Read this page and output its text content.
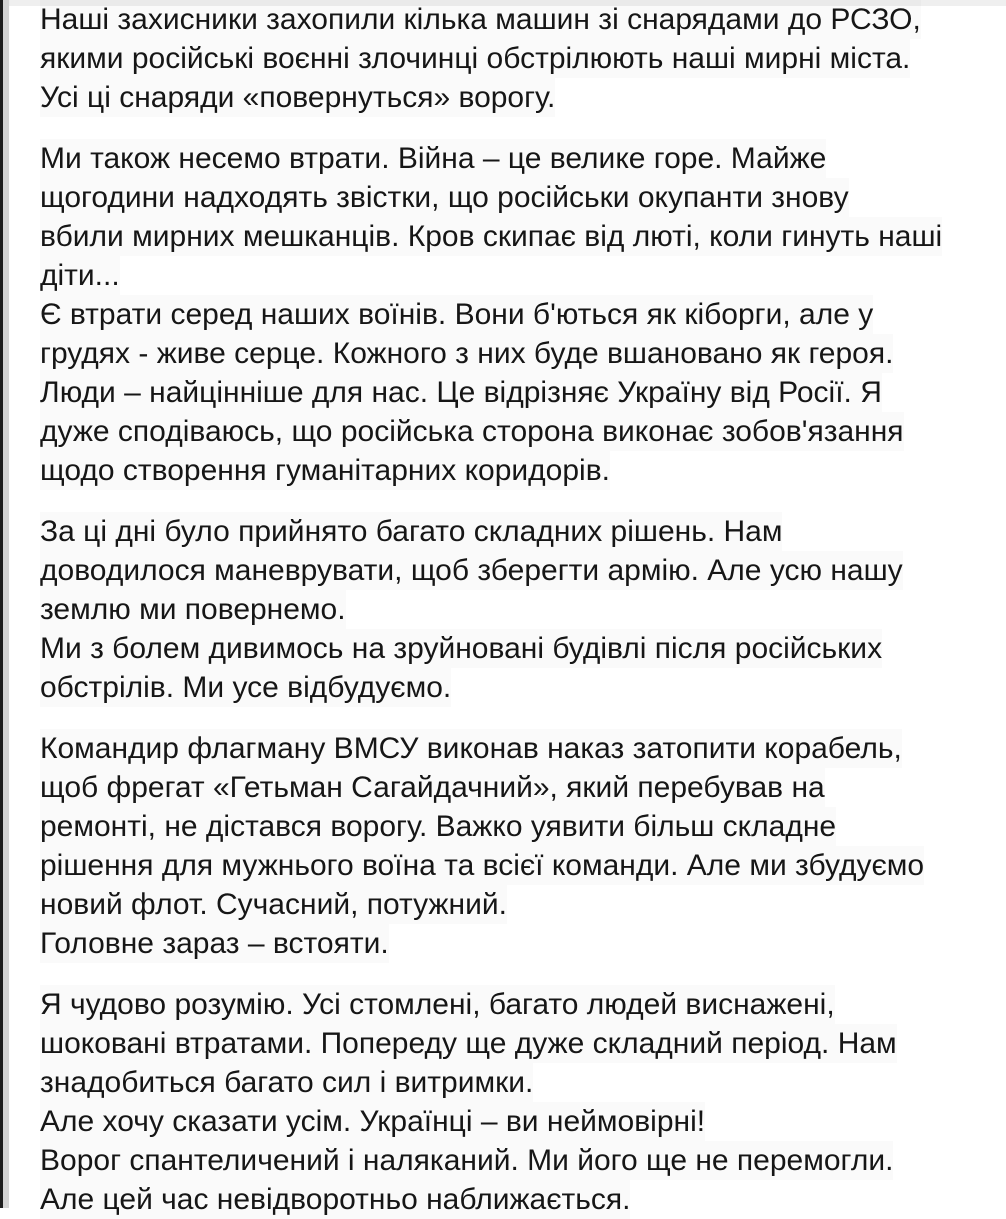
Наші захисники захопили кілька машин зі снарядами до РСЗО,
якими російські воєнні злочинці обстрілюють наші мирні міста.
Усі ці снаряди «повернуться» ворогу.
Ми також несемо втрати. Війна – це велике горе. Майже
щогодини надходять звістки, що російськи окупанти знову
вбили мирних мешканців. Кров скипає від люті, коли гинуть наші
діти...
Є втрати серед наших воїнів. Вони б'ються як кіборги, але у
грудях - живе серце. Кожного з них буде вшановано як героя.
Люди – найцінніше для нас. Це відрізняє Україну від Росії. Я
дуже сподіваюсь, що російська сторона виконає зобов'язання
щодо створення гуманітарних коридорів.
За ці дні було прийнято багато складних рішень. Нам
доводилося маневрувати, щоб зберегти армію. Але усю нашу
землю ми повернемо.
Ми з болем дивимось на зруйновані будівлі після російських
обстрілів. Ми усе відбудуємо.
Командир флагману ВМСУ виконав наказ затопити корабель,
щоб фрегат «Гетьман Сагайдачний», який перебував на
ремонті, не дістався ворогу. Важко уявити більш складне
рішення для мужнього воїна та всієї команди. Але ми збудуємо
новий флот. Сучасний, потужний.
Головне зараз – встояти.
Я чудово розумію. Усі стомлені, багато людей виснажені,
шоковані втратами. Попереду ще дуже складний період. Нам
знадобиться багато сил і витримки.
Але хочу сказати усім. Українці – ви неймовірні!
Ворог спантеличений і наляканий. Ми його ще не перемогли.
Але цей час невідворотньо наближається.
